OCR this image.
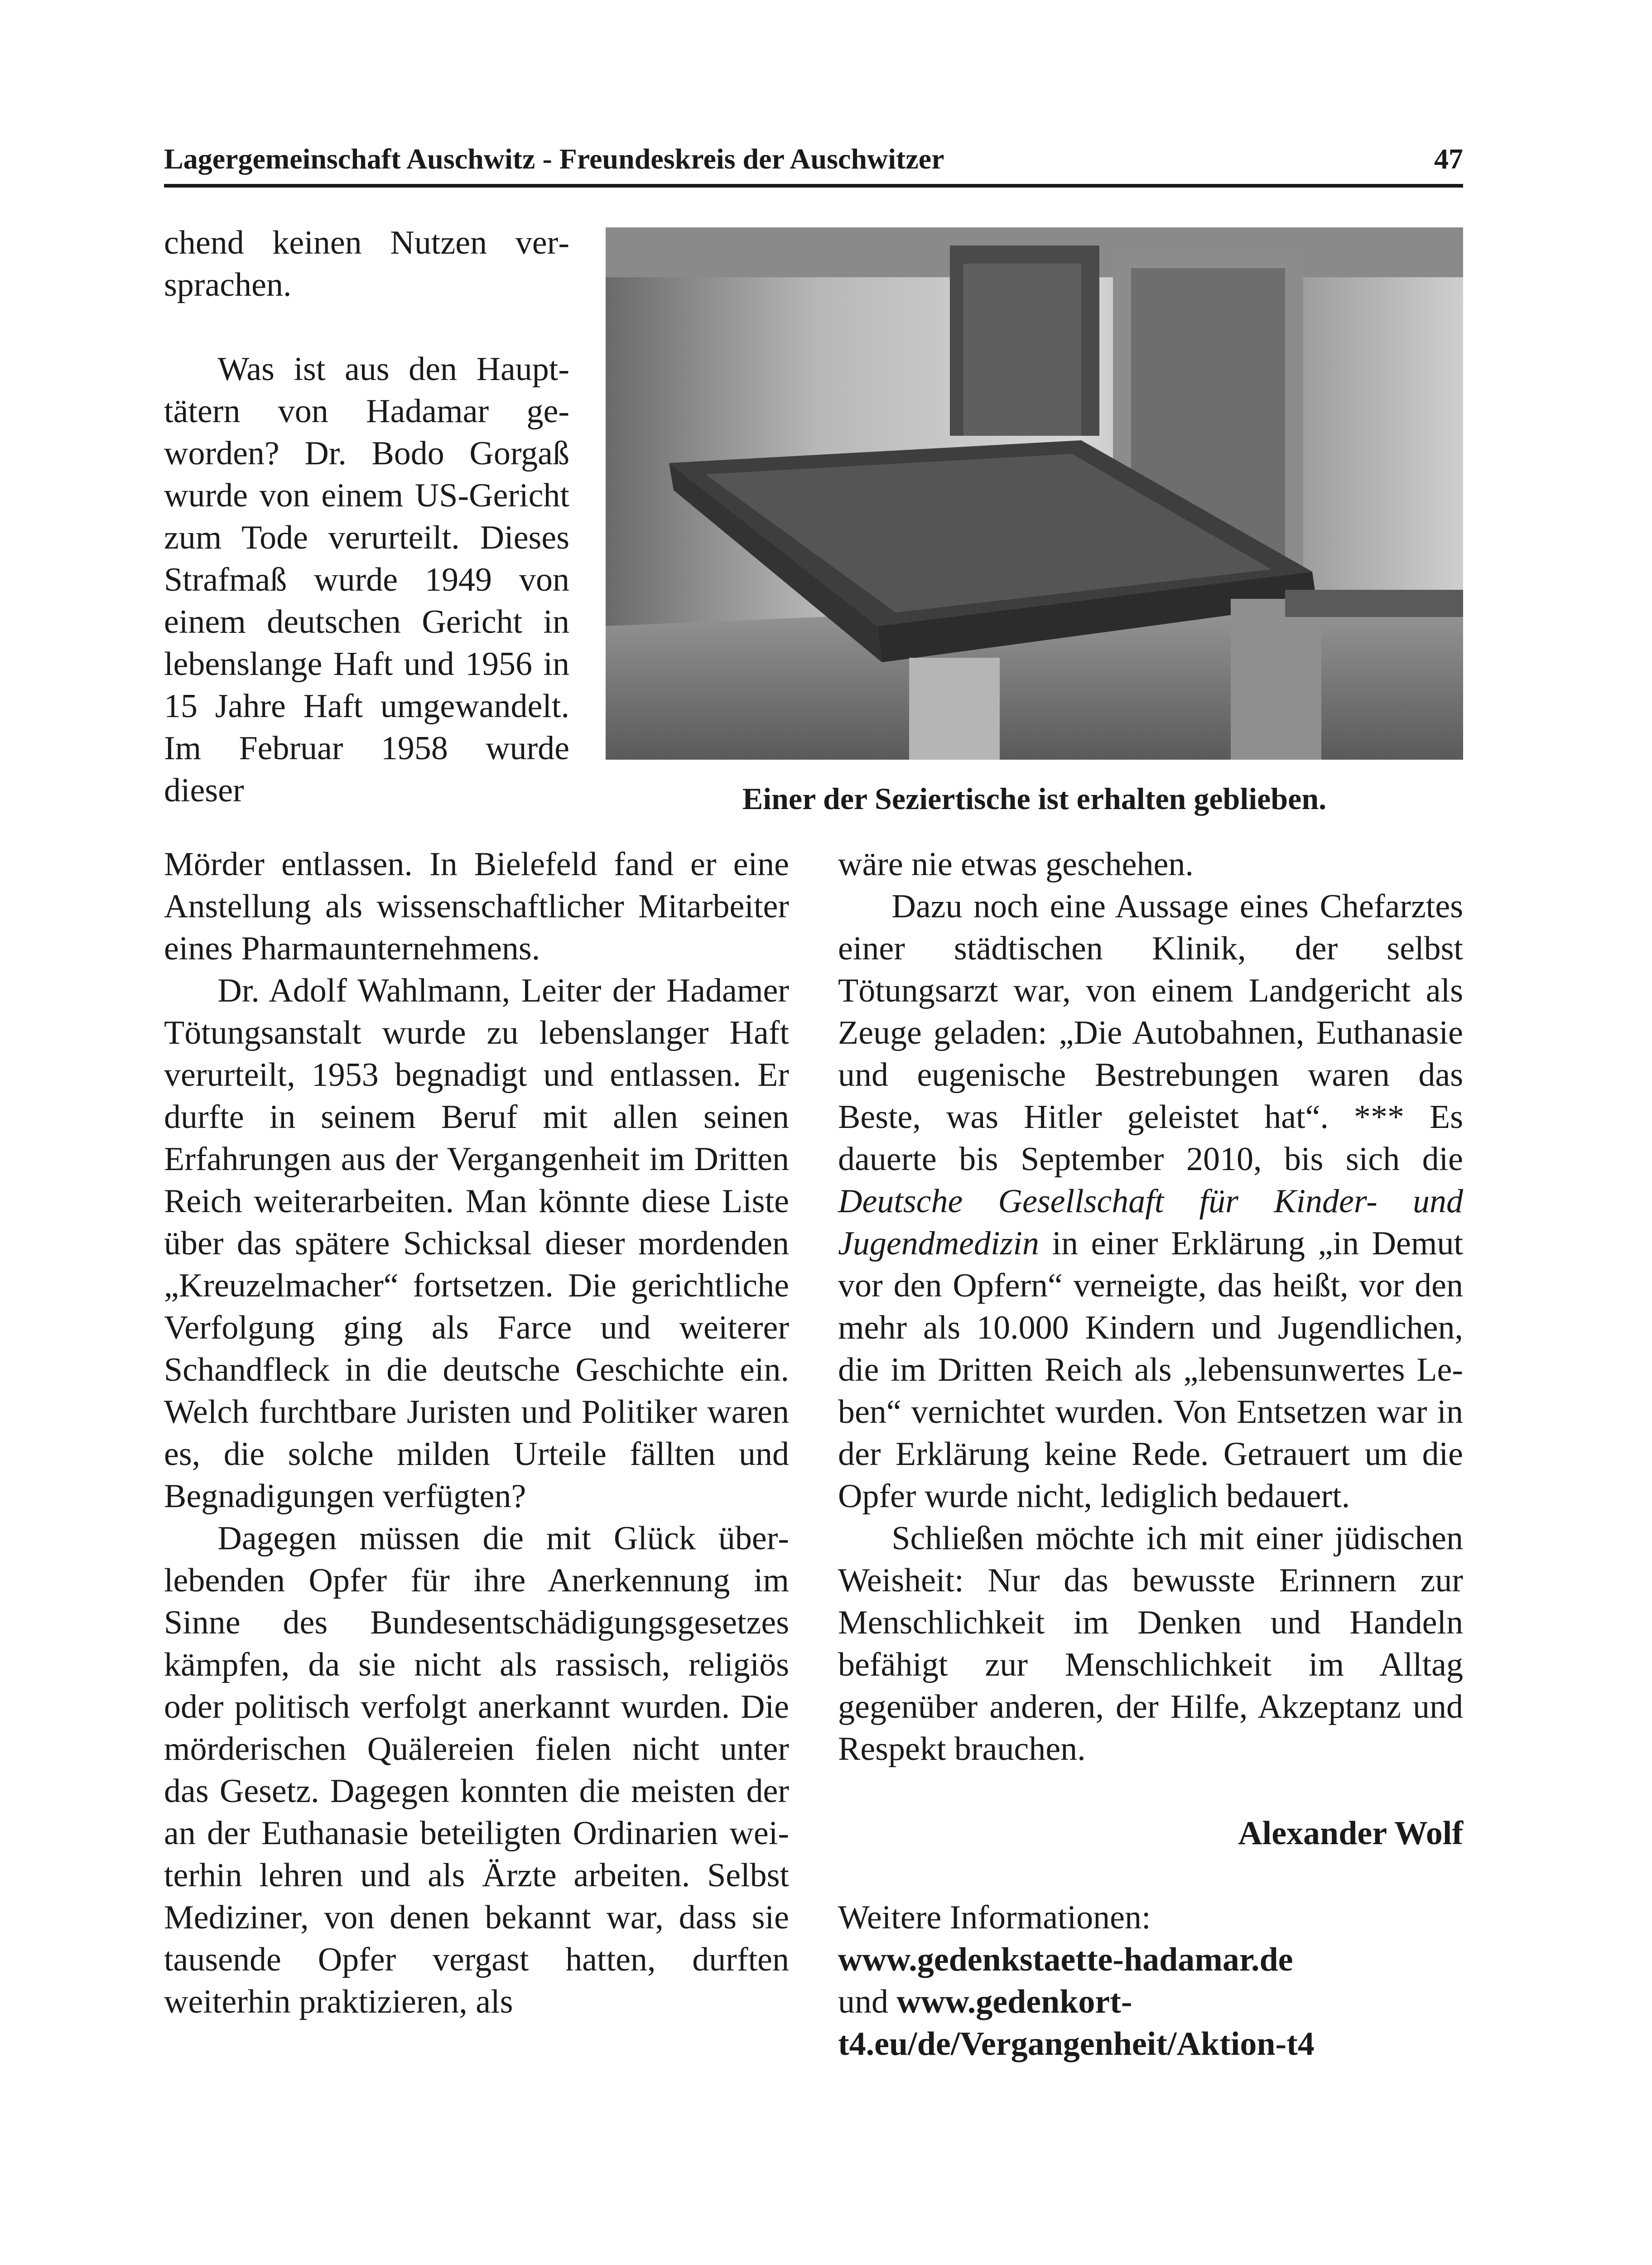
Lagergemeinschaft Auschwitz - Freundeskreis der Auschwitzer	47

chend keinen Nutzen versprachen.

Was ist aus den Haupttätern von Hadamar geworden? Dr. Bodo Gorgaß wurde von einem US-Gericht zum Tode verurteilt. Dieses Strafmaß wurde 1949 von einem deutschen Gericht in lebenslange Haft und 1956 in 15 Jahre Haft umgewandelt. Im Februar 1958 wurde dieser	Einer der Seziertische ist erhalten geblieben.

Mörder entlassen. In Bielefeld fand er eine Anstellung als wissenschaftlicher Mitarbeiter eines Pharmaunternehmens.

Dr. Adolf Wahlmann, Leiter der Hadamer Tötungsanstalt wurde zu lebenslanger Haft verurteilt, 1953 begnadigt und entlassen. Er durfte in seinem Beruf mit allen seinen Erfahrungen aus der Vergangenheit im Dritten Reich weiterarbeiten. Man könnte diese Liste über das spätere Schicksal dieser mordenden „Kreuzelmacher“ fortsetzen. Die gerichtliche Verfolgung ging als Farce und weiterer Schandfleck in die deutsche Geschichte ein. Welch furchtbare Juristen und Politiker waren es, die solche milden Urteile fällten und Begnadigungen verfügten?

Dagegen müssen die mit Glück überlebenden Opfer für ihre Anerkennung im Sinne des Bundesentschädigungsgesetzes kämpfen, da sie nicht als rassisch, religiös oder politisch verfolgt anerkannt wurden. Die mörderischen Quälereien fielen nicht unter das Gesetz. Dagegen konnten die meisten der an der Euthanasie beteiligten Ordinarien weiterhin lehren und als Ärzte arbeiten. Selbst Mediziner, von denen bekannt war, dass sie tausende Opfer vergast hatten, durften weiterhin praktizieren, als

wäre nie etwas geschehen.

Dazu noch eine Aussage eines Chefarztes einer städtischen Klinik, der selbst Tötungsarzt war, von einem Landgericht als Zeuge geladen: „Die Autobahnen, Euthanasie und eugenische Bestrebungen waren das Beste, was Hitler geleistet hat“. *** Es dauerte bis September 2010, bis sich die Deutsche Gesellschaft für Kinder- und Jugendmedizin in einer Erklärung „in Demut vor den Opfern“ verneigte, das heißt, vor den mehr als 10.000 Kindern und Jugendlichen, die im Dritten Reich als „lebensunwertes Leben“ vernichtet wurden. Von Entsetzen war in der Erklärung keine Rede. Getrauert um die Opfer wurde nicht, lediglich bedauert.

Schließen möchte ich mit einer jüdischen Weisheit: Nur das bewusste Erinnern zur Menschlichkeit im Denken und Handeln befähigt zur Menschlichkeit im Alltag gegenüber anderen, der Hilfe, Akzeptanz und Respekt brauchen.

Alexander Wolf

Weitere Informationen:
www.gedenkstaette-hadamar.de
und www.gedenkort-t4.eu/de/Vergangenheit/Aktion-t4
